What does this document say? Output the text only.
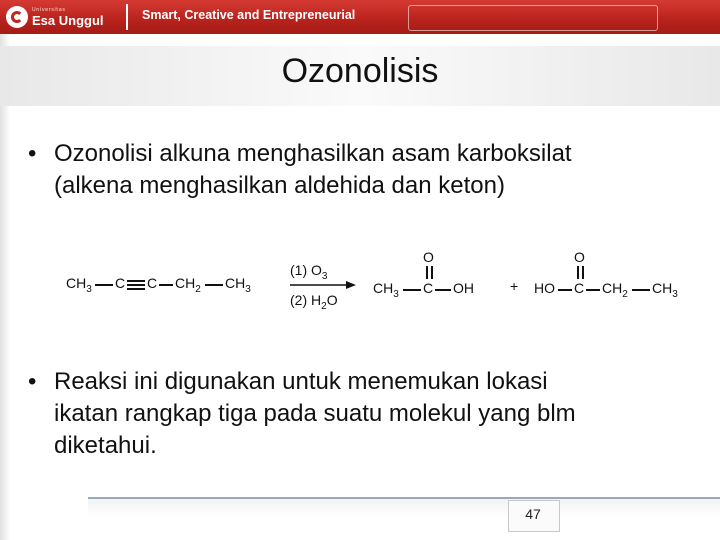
Universitas
Esa Unggul	Smart, Creative and Entrepreneurial
Ozonolisis
• Ozonolisi alkuna menghasilkan asam karboksilat
(alkena menghasilkan aldehida dan keton)
$CH_3$ C C $CH_2$ $CH_3$
(1) $O_3$
(2) $H_2O$
$CH_3$
O
C OH	+ HO
O
C $CH_2$ $CH_3$
• Reaksi ini digunakan untuk menemukan lokasi
ikatan rangkap tiga pada suatu molekul yang blm
diketahui.
47
